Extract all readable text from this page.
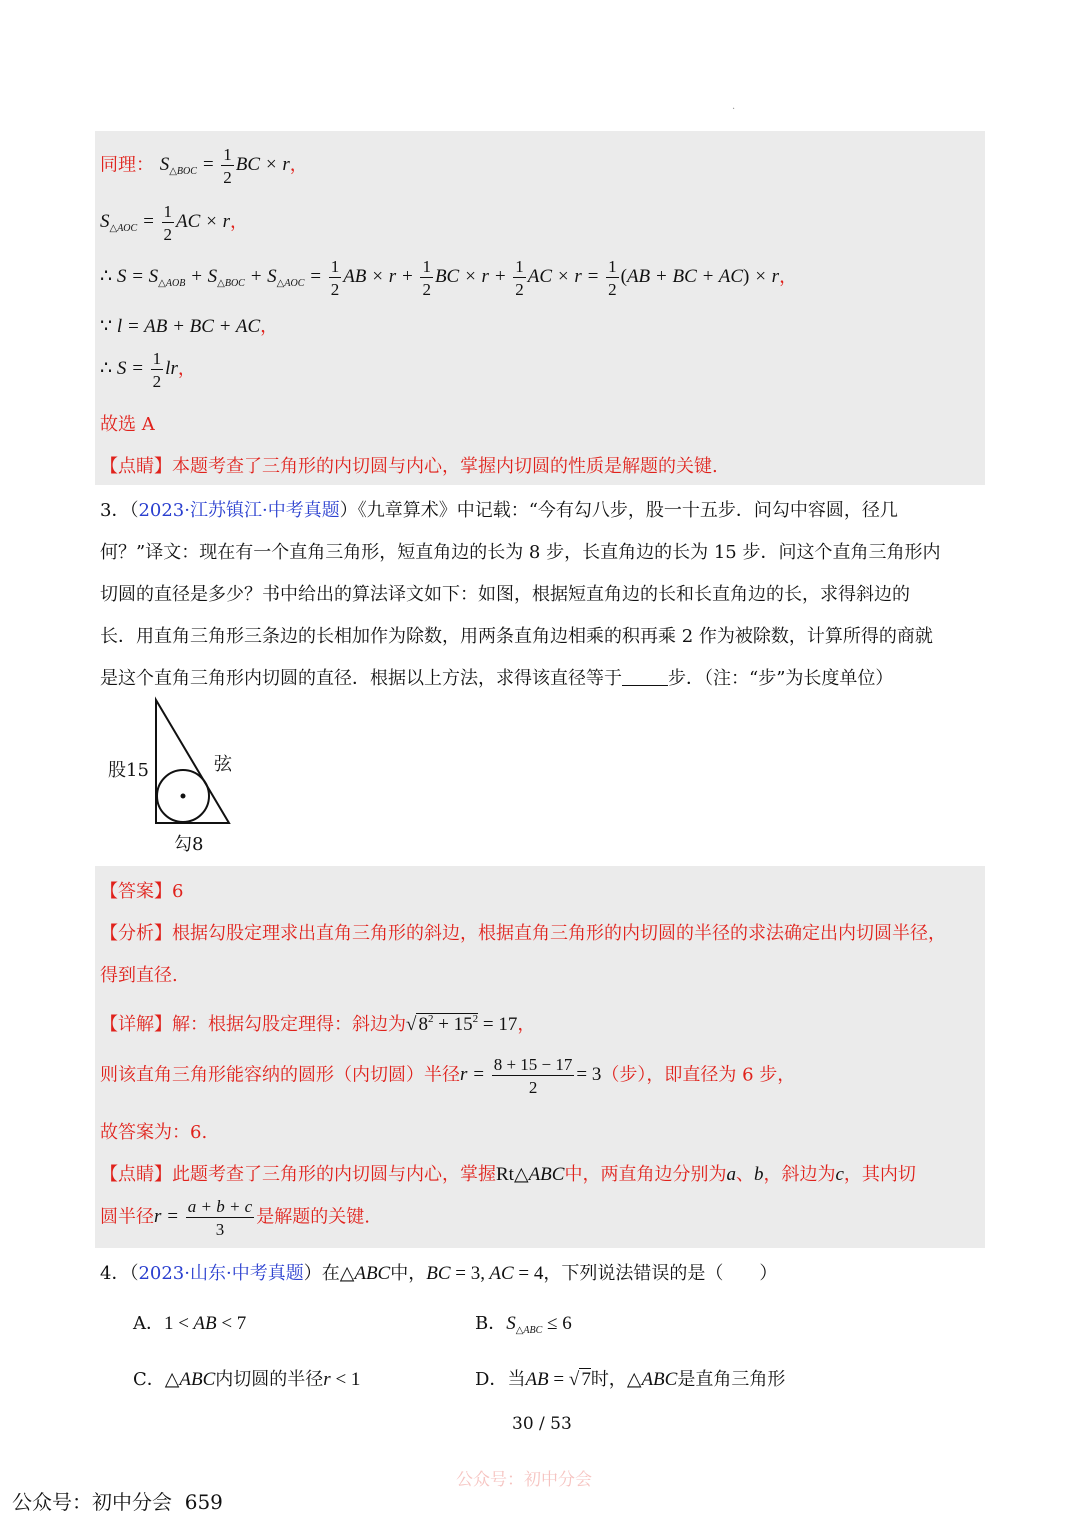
·
同理： $S_{\triangle BOC} = \frac{1}{2}$ BC × r，
$S_{\triangle AOC} = \frac{1}{2}$ AC × r，
∴ $S = S_{\triangle AOB} + S_{\triangle BOC} + S_{\triangle AOC} = \frac{1}{2}$ AB × $r + \frac{1}{2}$ BC × $r + \frac{1}{2}$ AC × $r = \frac{1}{2} (AB$ + BC + AC) × r，
∵ l = AB + BC + AC，
∴ $S = \frac{1}{2}$ lr，
故选 A
【点睛】本题考查了三角形的内切圆与内心，掌握内切圆的性质是解题的关键.
3．（2023·江苏镇江·中考真题）《九章算术》中记载：“今有勾八步，股一十五步．问勾中容圆，径几
何？”译文：现在有一个直角三角形，短直角边的长为 8 步，长直角边的长为 15 步．问这个直角三角形内
切圆的直径是多少？书中给出的算法译文如下：如图，根据短直角边的长和长直角边的长，求得斜边的
长．用直角三角形三条边的长相加作为除数，用两条直角边相乘的积再乘 2 作为被除数，计算所得的商就
是这个直角三角形内切圆的直径．根据以上方法，求得该直径等于	步．（注：“步”为长度单位）
股15	弦
勾8
【答案】6
【分析】根据勾股定理求出直角三角形的斜边，根据直角三角形的内切圆的半径的求法确定出内切圆半径，
得到直径.
【详解】解：根据勾股定理得：斜边为√ $8^2 + 15^2 = 17$，
则该直角三角形能容纳的圆形（内切圆）半径$r = \frac{8 + 15 - 17}{2} = 3$（步），即直径为 6 步，
故答案为：6.
【点睛】此题考查了三角形的内切圆与内心，掌握Rt△ABC中，两直角边分别为a、b，斜边为c，其内切
圆半径$r = \frac{a + b + c}{3}$ 是解题的关键.
4．（2023·山东·中考真题）在△ABC中，BC = 3, AC = 4，下列说法错误的是（　　）
A．1 < AB < 7	B．$S_{\triangle ABC} \le 6$
C．△ABC内切圆的半径r < 1	D．当AB = √ 7时，△ABC是直角三角形
30 / 53
公众号：初中分会
公众号：初中分会  659
